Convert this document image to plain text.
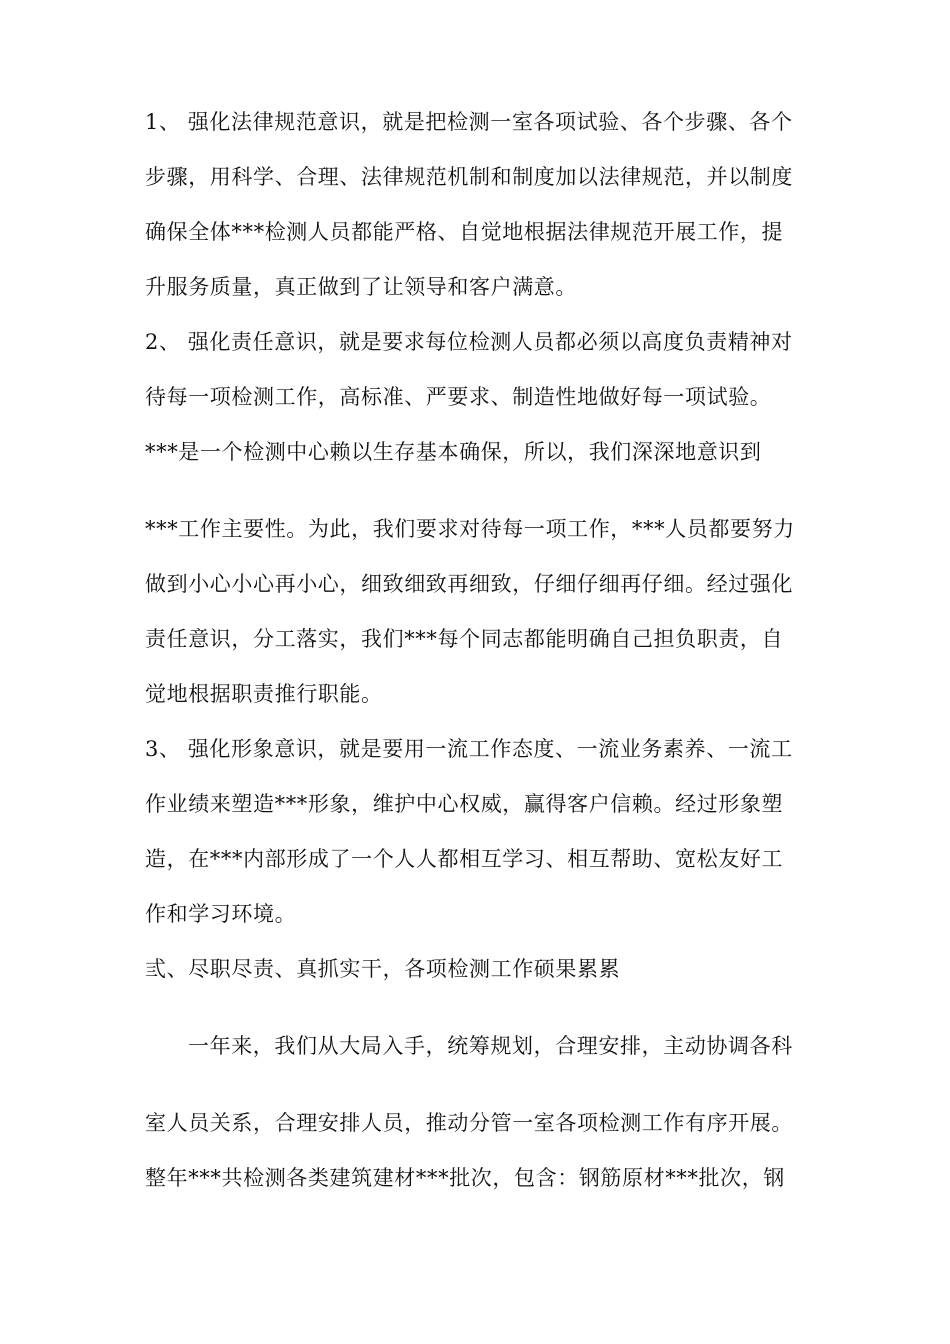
1、 强化法律规范意识，就是把检测一室各项试验、各个步骤、各个
步骤，用科学、合理、法律规范机制和制度加以法律规范，并以制度
确保全体***检测人员都能严格、自觉地根据法律规范开展工作，提
升服务质量，真正做到了让领导和客户满意。
2、 强化责任意识，就是要求每位检测人员都必须以高度负责精神对
待每一项检测工作，高标准、严要求、制造性地做好每一项试验。
***是一个检测中心赖以生存基本确保，所以，我们深深地意识到
***工作主要性。为此，我们要求对待每一项工作，***人员都要努力
做到小心小心再小心，细致细致再细致，仔细仔细再仔细。经过强化
责任意识，分工落实，我们***每个同志都能明确自己担负职责，自
觉地根据职责推行职能。
3、 强化形象意识，就是要用一流工作态度、一流业务素养、一流工
作业绩来塑造***形象，维护中心权威，赢得客户信赖。经过形象塑
造，在***内部形成了一个人人都相互学习、相互帮助、宽松友好工
作和学习环境。
弎、尽职尽责、真抓实干，各项检测工作硕果累累
一年来，我们从大局入手，统筹规划，合理安排，主动协调各科
室人员关系，合理安排人员，推动分管一室各项检测工作有序开展。
整年***共检测各类建筑建材***批次，包含：钢筋原材***批次，钢
